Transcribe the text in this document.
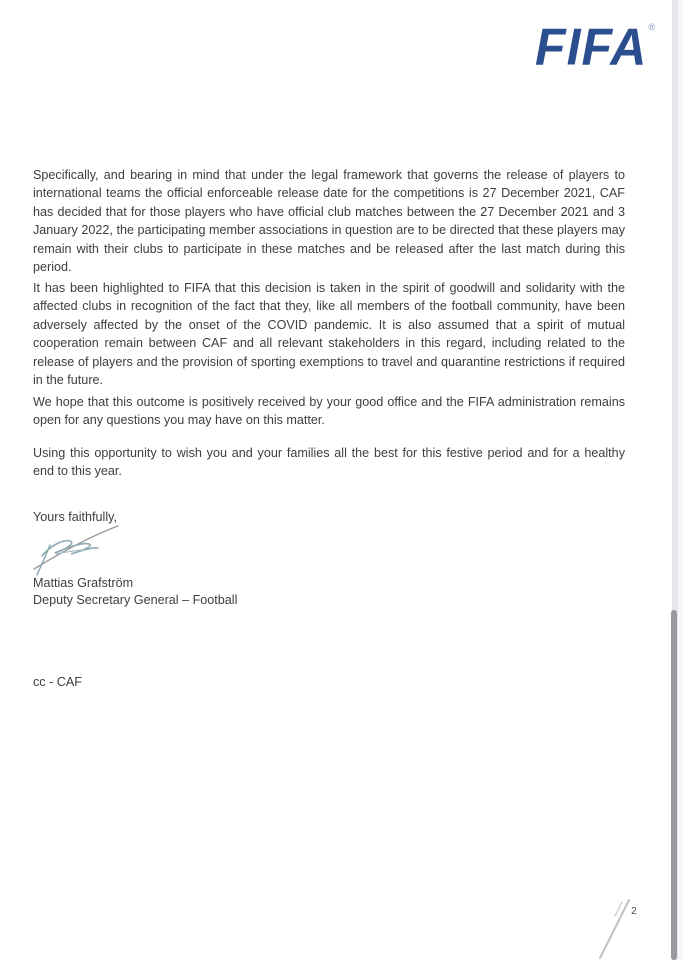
FIFA®

Specifically, and bearing in mind that under the legal framework that governs the release of players to international teams the official enforceable release date for the competitions is 27 December 2021, CAF has decided that for those players who have official club matches between the 27 December 2021 and 3 January 2022, the participating member associations in question are to be directed that these players may remain with their clubs to participate in these matches and be released after the last match during this period.

It has been highlighted to FIFA that this decision is taken in the spirit of goodwill and solidarity with the affected clubs in recognition of the fact that they, like all members of the football community, have been adversely affected by the onset of the COVID pandemic. It is also assumed that a spirit of mutual cooperation remain between CAF and all relevant stakeholders in this regard, including related to the release of players and the provision of sporting exemptions to travel and quarantine restrictions if required in the future.

We hope that this outcome is positively received by your good office and the FIFA administration remains open for any questions you may have on this matter.

Using this opportunity to wish you and your families all the best for this festive period and for a healthy end to this year.

Yours faithfully,

Mattias Grafström

Deputy Secretary General – Football

cc - CAF

2
